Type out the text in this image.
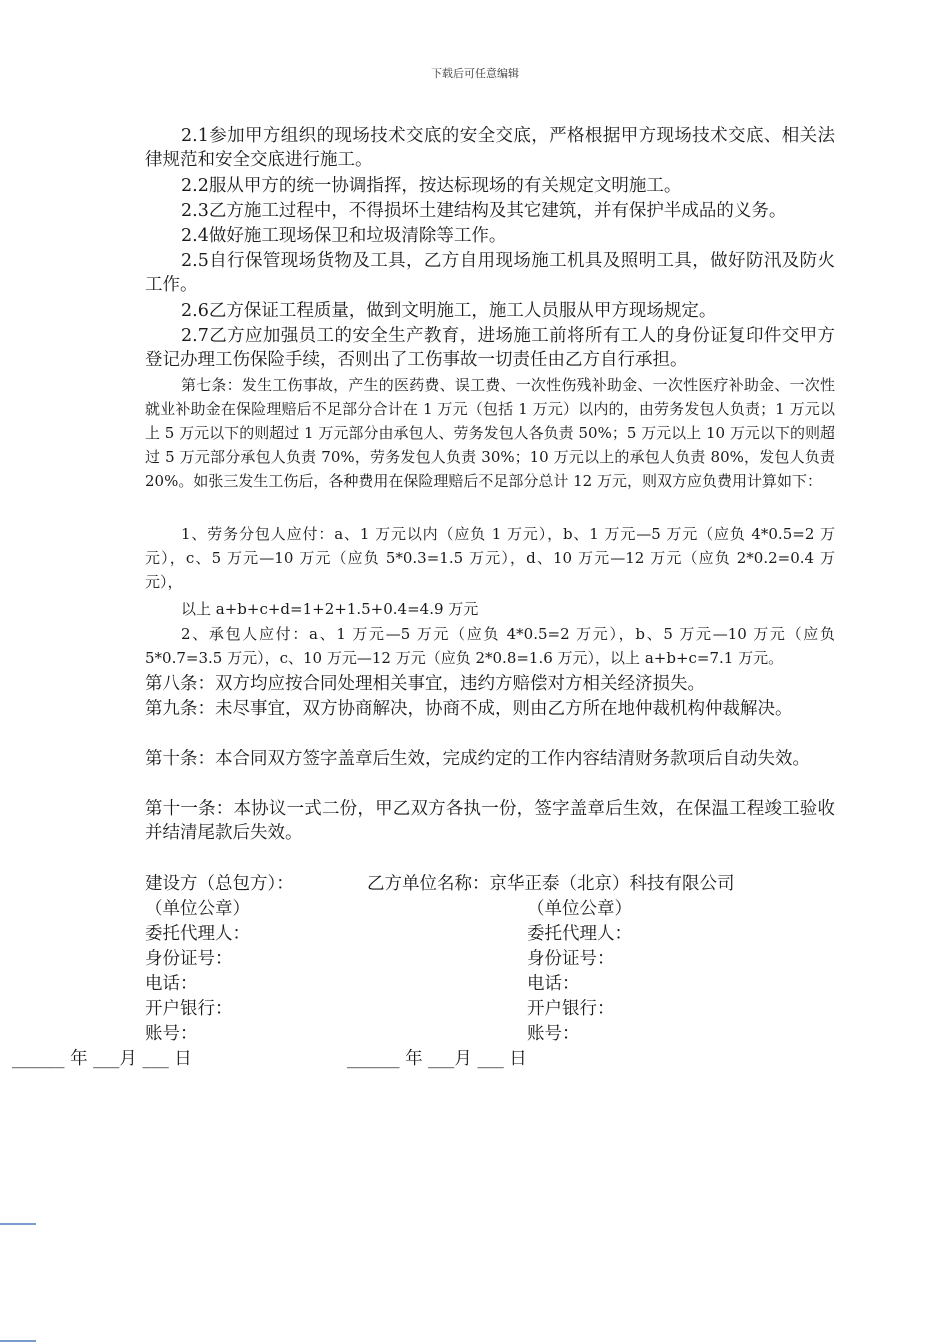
下载后可任意编辑
2.1参加甲方组织的现场技术交底的安全交底，严格根据甲方现场技术交底、相关法律规范和安全交底进行施工。
2.2服从甲方的统一协调指挥，按达标现场的有关规定文明施工。
2.3乙方施工过程中，不得损坏土建结构及其它建筑，并有保护半成品的义务。
2.4做好施工现场保卫和垃圾清除等工作。
2.5自行保管现场货物及工具，乙方自用现场施工机具及照明工具，做好防汛及防火工作。
2.6乙方保证工程质量，做到文明施工，施工人员服从甲方现场规定。
2.7乙方应加强员工的安全生产教育，进场施工前将所有工人的身份证复印件交甲方登记办理工伤保险手续，否则出了工伤事故一切责任由乙方自行承担。
第七条：发生工伤事故，产生的医药费、误工费、一次性伤残补助金、一次性医疗补助金、一次性就业补助金在保险理赔后不足部分合计在 1 万元（包括 1 万元）以内的，由劳务发包人负责；1 万元以上 5 万元以下的则超过 1 万元部分由承包人、劳务发包人各负责 50%；5 万元以上 10 万元以下的则超过 5 万元部分承包人负责 70%，劳务发包人负责 30%；10 万元以上的承包人负责 80%，发包人负责 20%。如张三发生工伤后，各种费用在保险理赔后不足部分总计 12 万元，则双方应负费用计算如下：
1、劳务分包人应付：a、1 万元以内（应负 1 万元），b、1 万元—5 万元（应负 4*0.5=2 万元），c、5 万元—10 万元（应负 5*0.3=1.5 万元），d、10 万元—12 万元（应负 2*0.2=0.4 万元），
以上 a+b+c+d=1+2+1.5+0.4=4.9 万元
2、承包人应付：a、1 万元—5 万元（应负 4*0.5=2 万元），b、5 万元—10 万元（应负 5*0.7=3.5 万元），c、10 万元—12 万元（应负 2*0.8=1.6 万元），以上 a+b+c=7.1 万元。
第八条：双方均应按合同处理相关事宜，违约方赔偿对方相关经济损失。
第九条：未尽事宜，双方协商解决，协商不成，则由乙方所在地仲裁机构仲裁解决。
第十条：本合同双方签字盖章后生效，完成约定的工作内容结清财务款项后自动失效。
第十一条：本协议一式二份，甲乙双方各执一份，签字盖章后生效，在保温工程竣工验收并结清尾款后失效。
建设方（总包方）：
（单位公章）
委托代理人：
身份证号：
电话：
开户银行：
账号：
______ 年 ___月 ___ 日
乙方单位名称：京华正泰（北京）科技有限公司
（单位公章）
委托代理人：
身份证号：
电话：
开户银行：
账号：
______ 年 ___月 ___ 日
